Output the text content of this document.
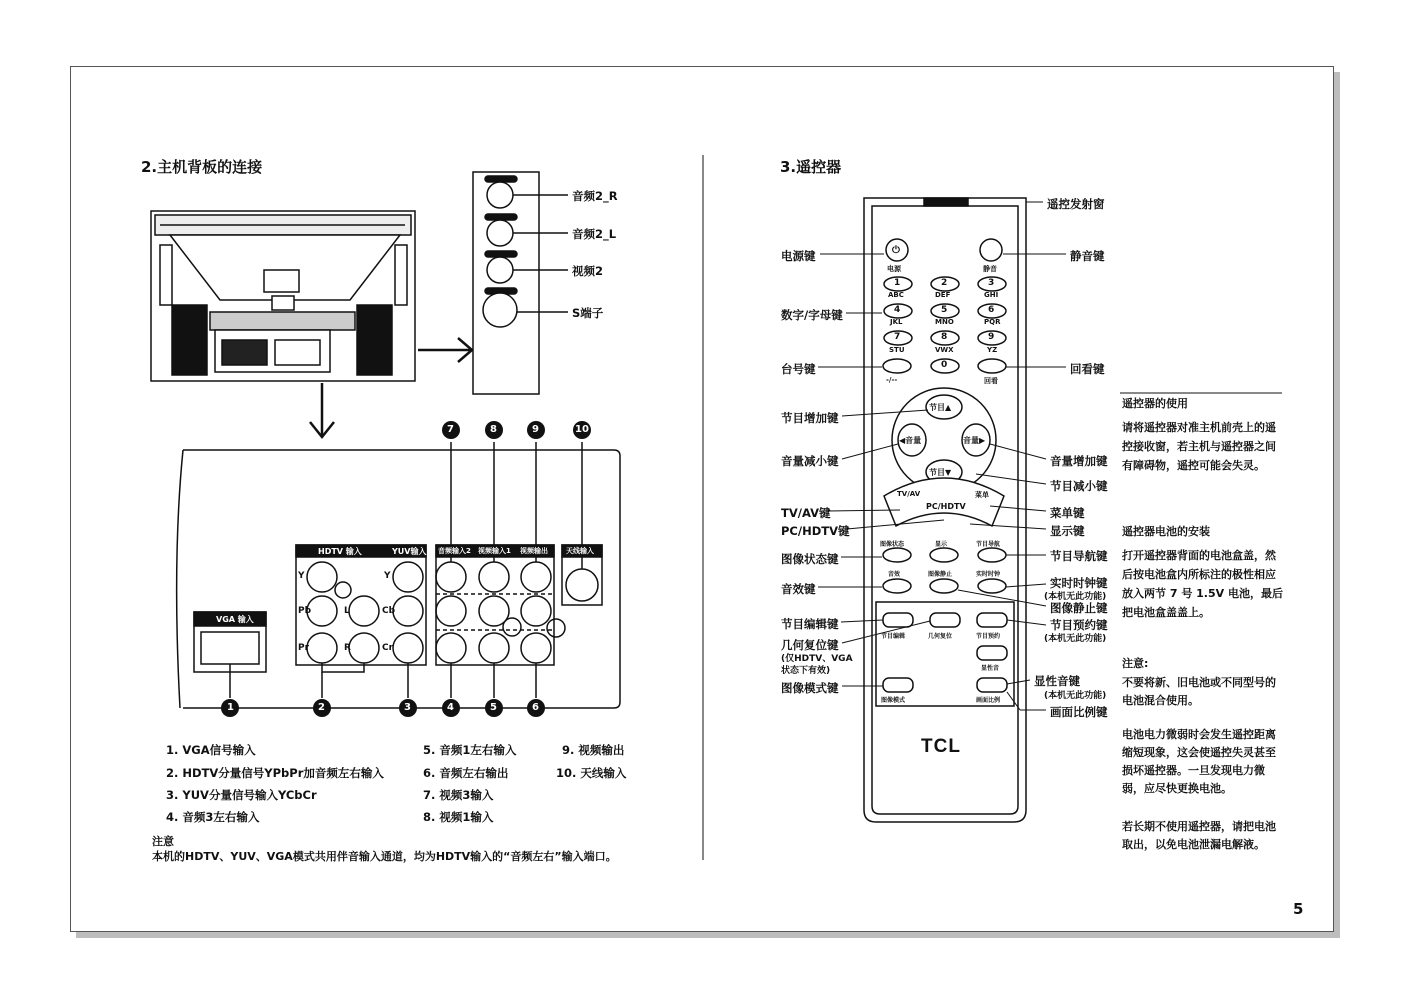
2.主机背板的连接
音频2_R
音频2_L
视频2
S端子
HDTV 输入	YUV输入 音频输入2 视频输入1 视频输出	天线输入
VGA 输入
Y
Pb
Pr
Y
Cb
Cr
L
R
7	8	9	10
1	2	3	4	5	6
1. VGA信号输入
2. HDTV分量信号YPbPr加音频左右输入
3. YUV分量信号输入YCbCr
4. 音频3左右输入
5. 音频1左右输入
6. 音频左右输出
7. 视频3输入
8. 视频1输入
9. 视频输出
10. 天线输入
注意
本机的HDTV、YUV、VGA模式共用伴音输入通道，均为HDTV输入的“音频左右”输入端口。
3.遥控器
电源	静音
⏻
1	2	3
ABC	DEF	GHI
4	5	6
JKL	MNO	PQR
7	8	9
STU	VWX	YZ
0
-/--	回看
节目▲
节目▼
◀音量	音量▶
TV/AV
PC/HDTV
菜单
图像状态	显示	节目导航
音效	图像静止	实时时钟
节目编辑	几何复位	节目预约
显性音
图像模式	画面比例
TCL
电源键
数字/字母键
台号键
节目增加键
音量减小键
TV/AV键
PC/HDTV键
图像状态键
音效键
节目编辑键
几何复位键
(仅HDTV、VGA
状态下有效)
图像模式键
遥控发射窗
静音键
回看键
音量增加键
节目减小键
菜单键
显示键
节目导航键
实时时钟键
(本机无此功能)
图像静止键
节目预约键
(本机无此功能)
显性音键
(本机无此功能)
画面比例键
遥控器的使用
请将遥控器对准主机前壳上的遥控接收窗，若主机与遥控器之间有障碍物，遥控可能会失灵。
遥控器电池的安装
打开遥控器背面的电池盒盖，然后按电池盒内所标注的极性相应放入两节 7 号 1.5V 电池，最后把电池盒盖盖上。
注意:
不要将新、旧电池或不同型号的电池混合使用。
电池电力微弱时会发生遥控距离缩短现象，这会使遥控失灵甚至损坏遥控器。一旦发现电力微弱，应尽快更换电池。
若长期不使用遥控器，请把电池取出，以免电池泄漏电解液。
5
